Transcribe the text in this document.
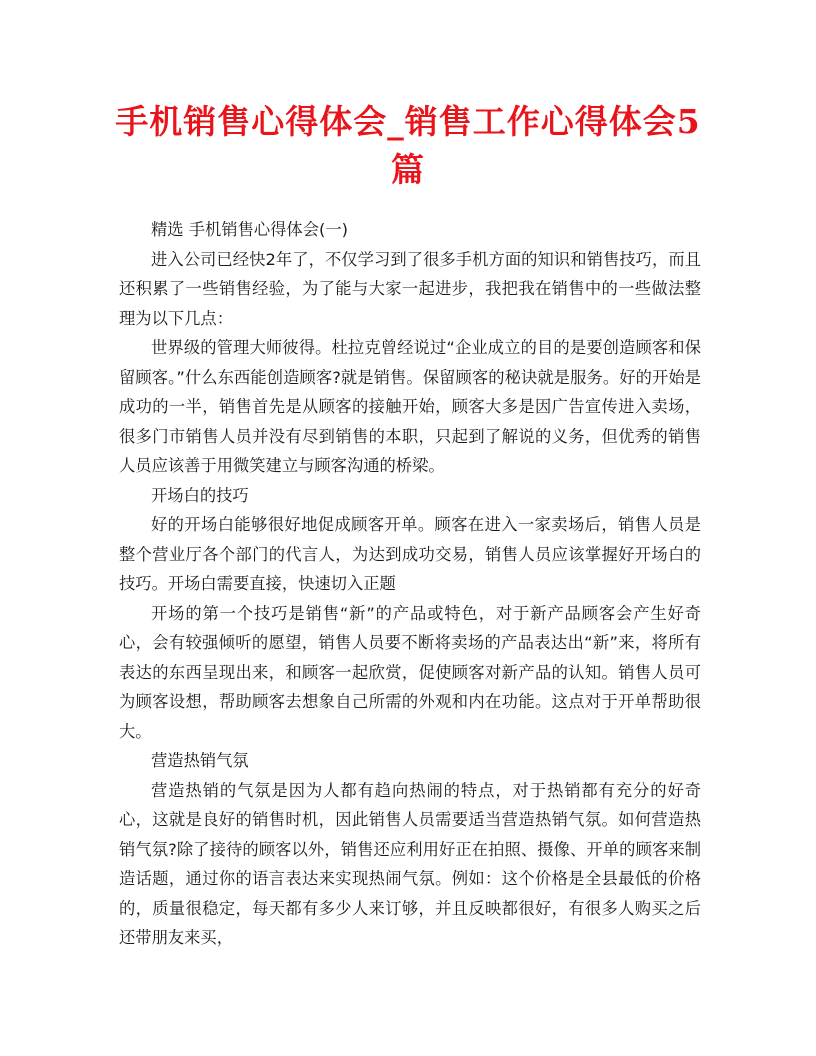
手机销售心得体会_销售工作心得体会5篇

精选 手机销售心得体会(一)

进入公司已经快2年了，不仅学习到了很多手机方面的知识和销售技巧，而且还积累了一些销售经验，为了能与大家一起进步，我把我在销售中的一些做法整理为以下几点：

世界级的管理大师彼得。杜拉克曾经说过“企业成立的目的是要创造顾客和保留顾客。”什么东西能创造顾客?就是销售。保留顾客的秘诀就是服务。好的开始是成功的一半，销售首先是从顾客的接触开始，顾客大多是因广告宣传进入卖场，很多门市销售人员并没有尽到销售的本职，只起到了解说的义务，但优秀的销售人员应该善于用微笑建立与顾客沟通的桥梁。

开场白的技巧

好的开场白能够很好地促成顾客开单。顾客在进入一家卖场后，销售人员是整个营业厅各个部门的代言人，为达到成功交易，销售人员应该掌握好开场白的技巧。开场白需要直接，快速切入正题

开场的第一个技巧是销售“新”的产品或特色，对于新产品顾客会产生好奇心，会有较强倾听的愿望，销售人员要不断将卖场的产品表达出“新”来，将所有表达的东西呈现出来，和顾客一起欣赏，促使顾客对新产品的认知。销售人员可为顾客设想，帮助顾客去想象自己所需的外观和内在功能。这点对于开单帮助很大。

营造热销气氛

营造热销的气氛是因为人都有趋向热闹的特点，对于热销都有充分的好奇心，这就是良好的销售时机，因此销售人员需要适当营造热销气氛。如何营造热销气氛?除了接待的顾客以外，销售还应利用好正在拍照、摄像、开单的顾客来制造话题，通过你的语言表达来实现热闹气氛。例如：这个价格是全县最低的价格的，质量很稳定，每天都有多少人来订够，并且反映都很好，有很多人购买之后还带朋友来买，
